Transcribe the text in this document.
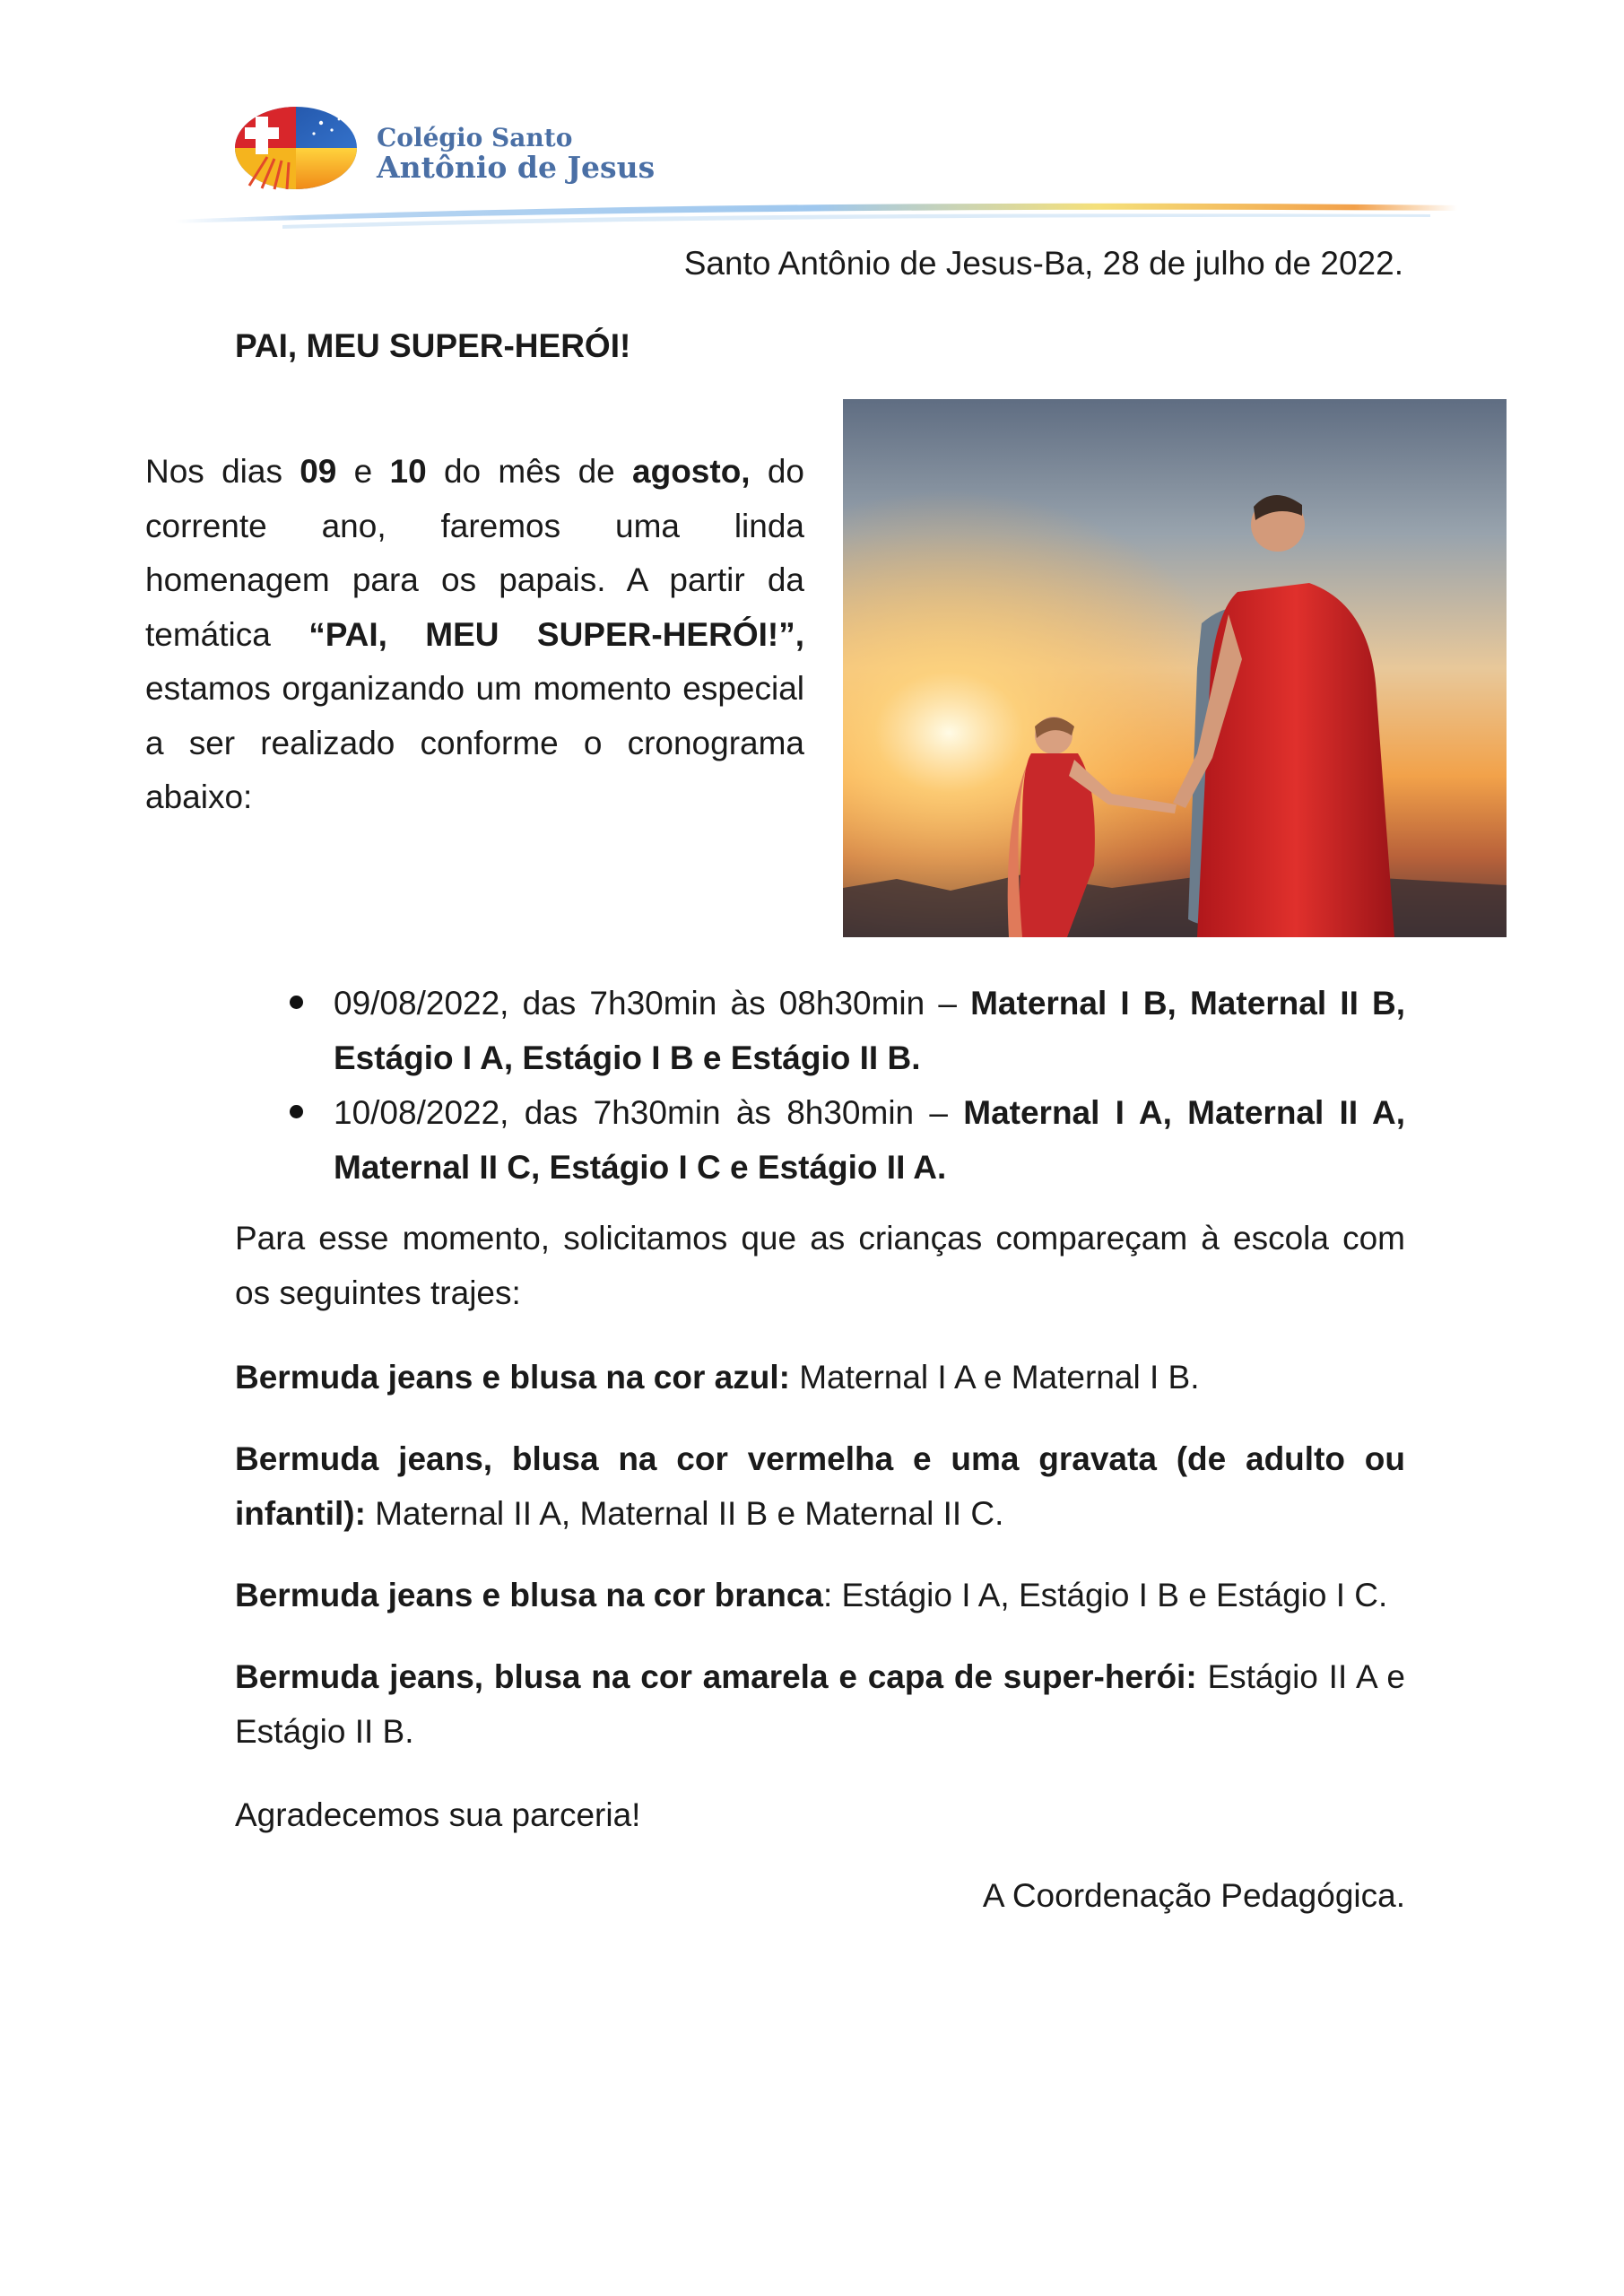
Colégio Santo
Antônio de Jesus
Santo Antônio de Jesus-Ba, 28 de julho de 2022.
PAI, MEU SUPER-HERÓI!
Nos dias 09 e 10 do mês de agosto, do corrente ano, faremos uma linda homenagem para os papais. A partir da temática “PAI, MEU SUPER-HERÓI!”, estamos organizando um momento especial a ser realizado conforme o cronograma abaixo:
09/08/2022, das 7h30min às 08h30min – Maternal I B, Maternal II B, Estágio I A, Estágio I B e Estágio II B.
10/08/2022, das 7h30min às 8h30min – Maternal I A, Maternal II A, Maternal II C, Estágio I C e Estágio II A.
Para esse momento, solicitamos que as crianças compareçam à escola com os seguintes trajes:
Bermuda jeans e blusa na cor azul: Maternal I A e Maternal I B.
Bermuda jeans, blusa na cor vermelha e uma gravata (de adulto ou infantil): Maternal II A, Maternal II B e Maternal II C.
Bermuda jeans e blusa na cor branca: Estágio I A, Estágio I B e Estágio I C.
Bermuda jeans, blusa na cor amarela e capa de super-herói: Estágio II A e Estágio II B.
Agradecemos sua parceria!
A Coordenação Pedagógica.
